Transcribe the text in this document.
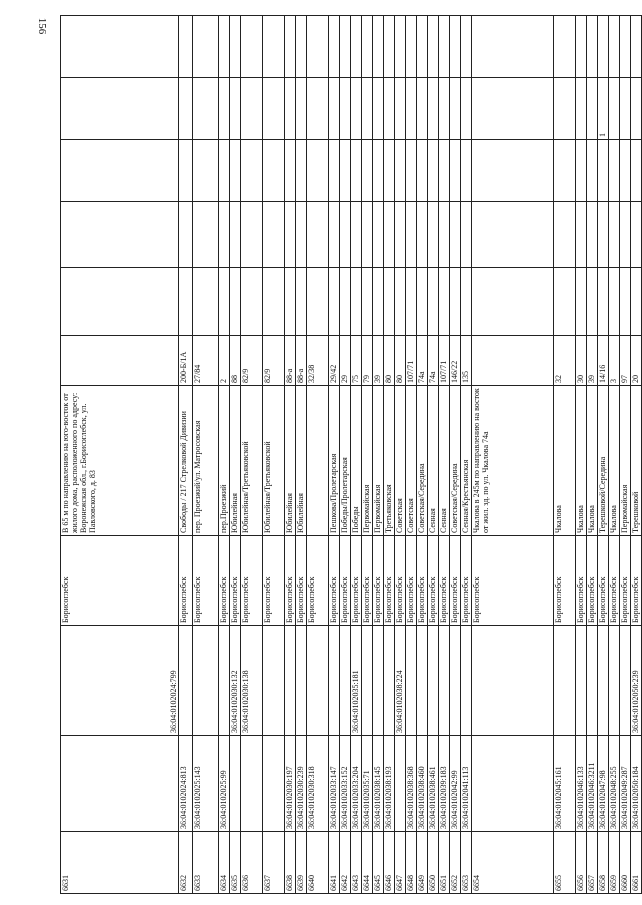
156
6631		36:04:0102024:799	Борисоглебск	В 65 м по направлению на юго-восток от жилого дома, расположенного по адресу: Воронежская обл., г.Борисоглебск, ул. Павловского, д. 83						
6632	36:04:0102024:813		Борисоглебск	Свободы / 217 Стрелковой Дивизии	200-Б/1А					
6633	36:04:0102025:143		Борисоглебск	пер. Проезжий/ул. Матросовская	27/84					
6634	36:04:0102025:99		Борисоглебск	пер.Проезжий	2					
6635		36:04:0102030:132	Борисоглебск	Юбилейная	88					
6636		36:04:0102030:138	Борисоглебск	Юбилейная/Третьяковской	82/9					
6637			Борисоглебск	Юбилейная/Третьяковской	82/9					
6638	36:04:0102030:197		Борисоглебск	Юбилейная	88-а					
6639	36:04:0102030:239		Борисоглебск	Юбилейная	88-а					
6640	36:04:0102030:318		Борисоглебск		32/38					
6641	36:04:0102033:147		Борисоглебск	Пешкова/Пролетарская	29/42					
6642	36:04:0102033:152		Борисоглебск	Победы/Пролетарская	29					
6643	36:04:0102033:204	36:04:0102035:181	Борисоглебск	Победы	75					
6644	36:04:0102035:71		Борисоглебск	Первомайская	79					
6645	36:04:0102038:145		Борисоглебск	Первомайская	39					
6646	36:04:0102038:193		Борисоглебск	Третьяковская	80					
6647		36:04:0102038:224	Борисоглебск	Советская	80					
6648	36:04:0102038:368		Борисоглебск	Советская	107/71					
6649	36:04:0102038:460		Борисоглебск	Советская/Середина	74а					
6650	36:04:0102038:461		Борисоглебск	Сенная	74а					
6651	36:04:0102039:183		Борисоглебск	Сенная	107/71					
6652	36:04:0102042:99		Борисоглебск	Советская/Середина	146/22					
6653	36:04:0102041:113		Борисоглебск	Сенная/Крестьянская	135					
6654			Борисоглебск	Чкалова в 245м по направлению на восток от жил. зд. по ул. Чкалова 74а						
6655	36:04:0102045:161		Борисоглебск	Чкалова	32					
6656	36:04:0102046:133		Борисоглебск	Чкалова	30					
6657	36:04:0102046:3211		Борисоглебск	Чкалова	39					
6658	36:04:0102047:98		Борисоглебск	Терешковой/Середина	14/16				1	
6659	36:04:0102048:255		Борисоглебск	Чкалова	3					
6660	36:04:0102049:287		Борисоглебск	Первомайская	97					
6661	36:04:0102050:184	36:04:0102050:239	Борисоглебск	Терешковой	20					
